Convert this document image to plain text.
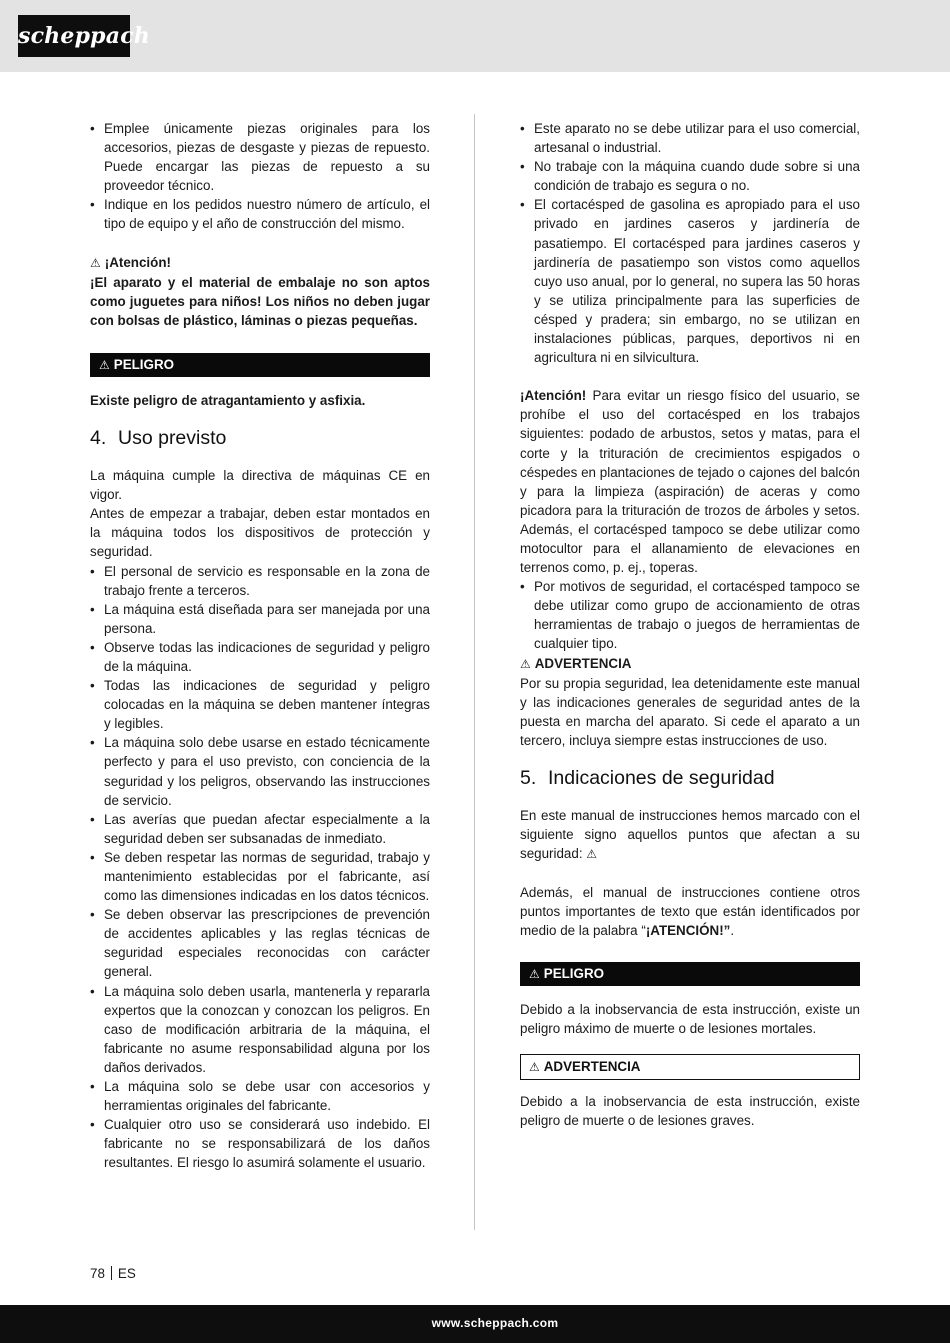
scheppach
• Emplee únicamente piezas originales para los accesorios, piezas de desgaste y piezas de repuesto. Puede encargar las piezas de repuesto a su proveedor técnico.
• Indique en los pedidos nuestro número de artículo, el tipo de equipo y el año de construcción del mismo.

⚠ ¡Atención!

¡El aparato y el material de embalaje no son aptos como juguetes para niños! Los niños no deben jugar con bolsas de plástico, láminas o piezas pequeñas.

⚠ PELIGRO

Existe peligro de atragantamiento y asfixia.

4. Uso previsto

La máquina cumple la directiva de máquinas CE en vigor.

Antes de empezar a trabajar, deben estar montados en la máquina todos los dispositivos de protección y seguridad.

• El personal de servicio es responsable en la zona de trabajo frente a terceros.
• La máquina está diseñada para ser manejada por una persona.
• Observe todas las indicaciones de seguridad y peligro de la máquina.
• Todas las indicaciones de seguridad y peligro colocadas en la máquina se deben mantener íntegras y legibles.
• La máquina solo debe usarse en estado técnicamente perfecto y para el uso previsto, con conciencia de la seguridad y los peligros, observando las instrucciones de servicio.
• Las averías que puedan afectar especialmente a la seguridad deben ser subsanadas de inmediato.
• Se deben respetar las normas de seguridad, trabajo y mantenimiento establecidas por el fabricante, así como las dimensiones indicadas en los datos técnicos.
• Se deben observar las prescripciones de prevención de accidentes aplicables y las reglas técnicas de seguridad especiales reconocidas con carácter general.
• La máquina solo deben usarla, mantenerla y repararla expertos que la conozcan y conozcan los peligros. En caso de modificación arbitraria de la máquina, el fabricante no asume responsabilidad alguna por los daños derivados.
• La máquina solo se debe usar con accesorios y herramientas originales del fabricante.
• Cualquier otro uso se considerará uso indebido. El fabricante no se responsabilizará de los daños resultantes. El riesgo lo asumirá solamente el usuario.
• Este aparato no se debe utilizar para el uso comercial, artesanal o industrial.
• No trabaje con la máquina cuando dude sobre si una condición de trabajo es segura o no.
• El cortacésped de gasolina es apropiado para el uso privado en jardines caseros y jardinería de pasatiempo. El cortacésped para jardines caseros y jardinería de pasatiempo son vistos como aquellos cuyo uso anual, por lo general, no supera las 50 horas y se utiliza principalmente para las superficies de césped y pradera; sin embargo, no se utilizan en instalaciones públicas, parques, deportivos ni en agricultura ni en silvicultura.

¡Atención! Para evitar un riesgo físico del usuario, se prohíbe el uso del cortacésped en los trabajos siguientes: podado de arbustos, setos y matas, para el corte y la trituración de crecimientos espigados o céspedes en plantaciones de tejado o cajones del balcón y para la limpieza (aspiración) de aceras y como picadora para la trituración de trozos de árboles y setos. Además, el cortacésped tampoco se debe utilizar como motocultor para el allanamiento de elevaciones en terrenos como, p. ej., toperas.

• Por motivos de seguridad, el cortacésped tampoco se debe utilizar como grupo de accionamiento de otras herramientas de trabajo o juegos de herramientas de cualquier tipo.

⚠ ADVERTENCIA

Por su propia seguridad, lea detenidamente este manual y las indicaciones generales de seguridad antes de la puesta en marcha del aparato. Si cede el aparato a un tercero, incluya siempre estas instrucciones de uso.

5. Indicaciones de seguridad

En este manual de instrucciones hemos marcado con el siguiente signo aquellos puntos que afectan a su seguridad: ⚠

Además, el manual de instrucciones contiene otros puntos importantes de texto que están identificados por medio de la palabra “¡ATENCIÓN!”.

⚠ PELIGRO

Debido a la inobservancia de esta instrucción, existe un peligro máximo de muerte o de lesiones mortales.

⚠ ADVERTENCIA

Debido a la inobservancia de esta instrucción, existe peligro de muerte o de lesiones graves.

78 ES
www.scheppach.com
